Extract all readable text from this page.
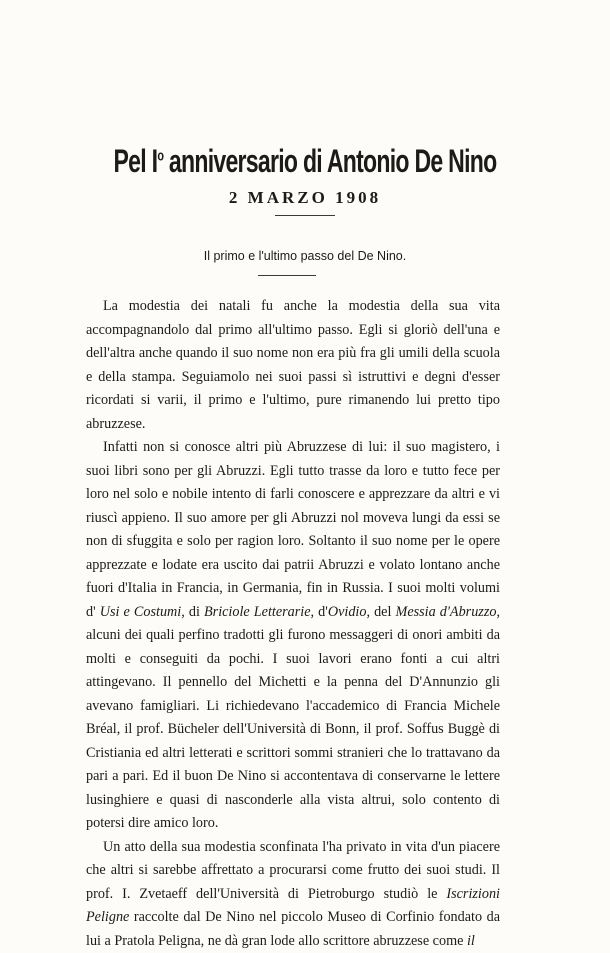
Pel $I^o$ anniversario di Antonio De Nino
2 MARZO 1908
Il primo e l'ultimo passo del De Nino.

La modestia dei natali fu anche la modestia della sua vita accompagnandolo dal primo all'ultimo passo. Egli si gloriò dell'una e dell'altra anche quando il suo nome non era più fra gli umili della scuola e della stampa. Seguiamolo nei suoi passi sì istruttivi e degni d'esser ricordati si varii, il primo e l'ultimo, pure rimanendo lui pretto tipo abruzzese.

Infatti non si conosce altri più Abruzzese di lui: il suo magistero, i suoi libri sono per gli Abruzzi. Egli tutto trasse da loro e tutto fece per loro nel solo e nobile intento di farli conoscere e apprezzare da altri e vi riuscì appieno. Il suo amore per gli Abruzzi nol moveva lungi da essi se non di sfuggita e solo per ragion loro. Soltanto il suo nome per le opere apprezzate e lodate era uscito dai patrii Abruzzi e volato lontano anche fuori d'Italia in Francia, in Germania, fin in Russia. I suoi molti volumi d' Usi e Costumi, di Briciole Letterarie, d'Ovidio, del Messia d'Abruzzo, alcuni dei quali perfino tradotti gli furono messaggeri di onori ambiti da molti e conseguiti da pochi. I suoi lavori erano fonti a cui altri attingevano. Il pennello del Michetti e la penna del D'Annunzio gli avevano famigliari. Li richiedevano l'accademico di Francia Michele Bréal, il prof. Bücheler dell'Università di Bonn, il prof. Soffus Buggè di Cristiania ed altri letterati e scrittori sommi stranieri che lo trattavano da pari a pari. Ed il buon De Nino si accontentava di conservarne le lettere lusinghiere e quasi di nasconderle alla vista altrui, solo contento di potersi dire amico loro.

Un atto della sua modestia sconfinata l'ha privato in vita d'un piacere che altri si sarebbe affrettato a procurarsi come frutto dei suoi studi. Il prof. I. Zvetaeff dell'Università di Pietroburgo studiò le Iscrizioni Peligne raccolte dal De Nino nel piccolo Museo di Corfinio fondato da lui a Pratola Peligna, ne dà gran lode allo scrittore abruzzese come il
